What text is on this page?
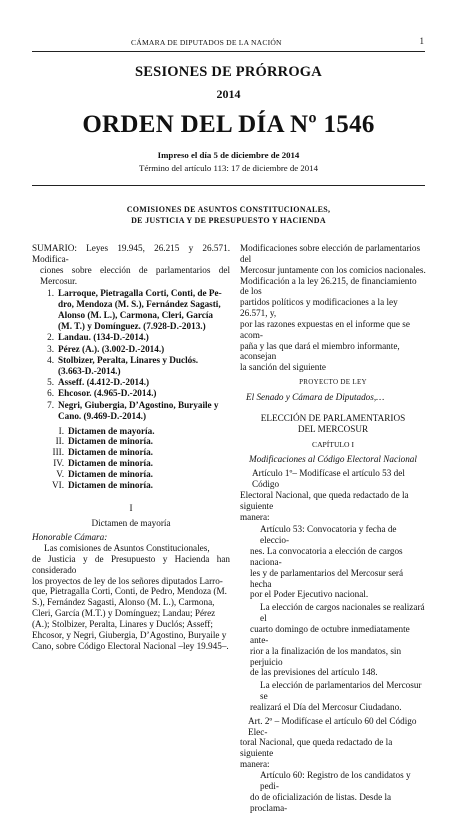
CÁMARA DE DIPUTADOS DE LA NACIÓN	1
SESIONES DE PRÓRROGA
2014
ORDEN DEL DÍA Nº 1546
Impreso el día 5 de diciembre de 2014
Término del artículo 113: 17 de diciembre de 2014
COMISIONES DE ASUNTOS CONSTITUCIONALES,
DE JUSTICIA Y DE PRESUPUESTO Y HACIENDA
SUMARIO: Leyes 19.945, 26.215 y 26.571. Modifica-
ciones sobre elección de parlamentarios del Mercosur.
1. Larroque, Pietragalla Corti, Conti, de Pe-
dro, Mendoza (M. S.), Fernández Sagasti,
Alonso (M. L.), Carmona, Cleri, García
(M. T.) y Domínguez. (7.928-D.-2013.)
2. Landau. (134-D.-2014.)
3. Pérez (A.). (3.002-D.-2014.)
4. Stolbizer, Peralta, Linares y Duclós.
(3.663-D.-2014.)
5. Asseff. (4.412-D.-2014.)
6. Ehcosor. (4.965-D.-2014.)
7. Negri, Giubergia, D’Agostino, Buryaile y
Cano. (9.469-D.-2014.)
I. Dictamen de mayoría.
II. Dictamen de minoría.
III. Dictamen de minoría.
IV. Dictamen de minoría.
V. Dictamen de minoría.
VI. Dictamen de minoría.
I
Dictamen de mayoría
Honorable Cámara:
Las comisiones de Asuntos Constitucionales,
de Justicia y de Presupuesto y Hacienda han considerado
los proyectos de ley de los señores diputados Larro-
que, Pietragalla Corti, Conti, de Pedro, Mendoza (M.
S.), Fernández Sagasti, Alonso (M. L.), Carmona,
Cleri, García (M.T.) y Domínguez; Landau; Pérez
(A.); Stolbizer, Peralta, Linares y Duclós; Asseff;
Ehcosor, y Negri, Giubergia, D’Agostino, Buryaile y
Cano, sobre Código Electoral Nacional –ley 19.945–.
Modificaciones sobre elección de parlamentarios del
Mercosur juntamente con los comicios nacionales.
Modificación a la ley 26.215, de financiamiento de los
partidos políticos y modificaciones a la ley 26.571, y,
por las razones expuestas en el informe que se acom-
paña y las que dará el miembro informante, aconsejan
la sanción del siguiente
PROYECTO DE LEY
El Senado y Cámara de Diputados,…
ELECCIÓN DE PARLAMENTARIOS
DEL MERCOSUR
CAPÍTULO I
Modificaciones al Código Electoral Nacional
Artículo 1º– Modifícase el artículo 53 del Código
Electoral Nacional, que queda redactado de la siguiente
manera:
Artículo 53: Convocatoria y fecha de eleccio-
nes. La convocatoria a elección de cargos naciona-
les y de parlamentarios del Mercosur será hecha
por el Poder Ejecutivo nacional.
La elección de cargos nacionales se realizará el
cuarto domingo de octubre inmediatamente ante-
rior a la finalización de los mandatos, sin perjuicio
de las previsiones del artículo 148.
La elección de parlamentarios del Mercosur se
realizará el Día del Mercosur Ciudadano.
Art. 2º – Modifícase el artículo 60 del Código Elec-
toral Nacional, que queda redactado de la siguiente
manera:
Artículo 60: Registro de los candidatos y pedi-
do de oficialización de listas. Desde la proclama-
